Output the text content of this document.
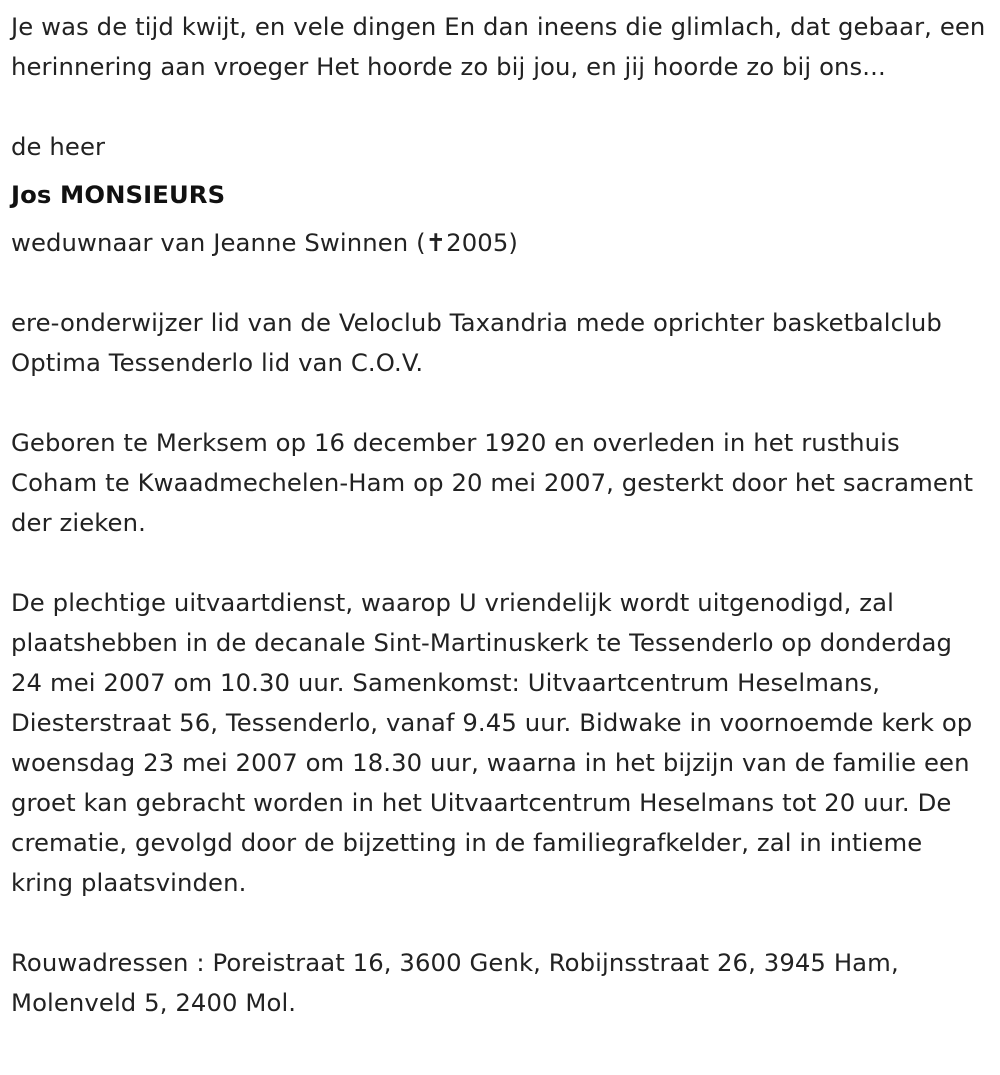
Je was de tijd kwijt, en vele dingen En dan ineens die glimlach, dat gebaar, een herinnering aan vroeger Het hoorde zo bij jou, en jij hoorde zo bij ons...

de heer

Jos MONSIEURS

weduwnaar van Jeanne Swinnen (✝2005)

ere-onderwijzer lid van de Veloclub Taxandria mede oprichter basketbalclub Optima Tessenderlo lid van C.O.V.

Geboren te Merksem op 16 december 1920 en overleden in het rusthuis Coham te Kwaadmechelen-Ham op 20 mei 2007, gesterkt door het sacrament der zieken.

De plechtige uitvaartdienst, waarop U vriendelijk wordt uitgenodigd, zal plaatshebben in de decanale Sint-Martinuskerk te Tessenderlo op donderdag 24 mei 2007 om 10.30 uur. Samenkomst: Uitvaartcentrum Heselmans, Diesterstraat 56, Tessenderlo, vanaf 9.45 uur. Bidwake in voornoemde kerk op woensdag 23 mei 2007 om 18.30 uur, waarna in het bijzijn van de familie een groet kan gebracht worden in het Uitvaartcentrum Heselmans tot 20 uur. De crematie, gevolgd door de bijzetting in de familiegrafkelder, zal in intieme kring plaatsvinden.

Rouwadressen : Poreistraat 16, 3600 Genk, Robijnsstraat 26, 3945 Ham, Molenveld 5, 2400 Mol.
